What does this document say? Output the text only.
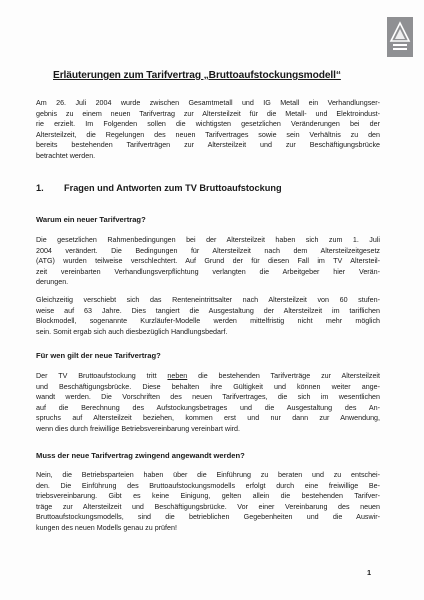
Erläuterungen zum Tarifvertrag „Bruttoaufstockungsmodell“
Am 26. Juli 2004 wurde zwischen Gesamtmetall und IG Metall ein Verhandlungser-
gebnis zu einem neuen Tarifvertrag zur Altersteilzeit für die Metall- und Elektroindust-
rie erzielt. Im Folgenden sollen die wichtigsten gesetzlichen Veränderungen bei der
Altersteilzeit, die Regelungen des neuen Tarifvertrages sowie sein Verhältnis zu den
bereits bestehenden Tarifverträgen zur Altersteilzeit und zur Beschäftigungsbrücke
betrachtet werden.
1. Fragen und Antworten zum TV Bruttoaufstockung
Warum ein neuer Tarifvertrag?
Die gesetzlichen Rahmenbedingungen bei der Altersteilzeit haben sich zum 1. Juli
2004 verändert. Die Bedingungen für Altersteilzeit nach dem Altersteilzeitgesetz
(ATG) wurden teilweise verschlechtert. Auf Grund der für diesen Fall im TV Altersteil-
zeit vereinbarten Verhandlungsverpflichtung verlangten die Arbeitgeber hier Verän-
derungen.
Gleichzeitig verschiebt sich das Renteneintrittsalter nach Altersteilzeit von 60 stufen-
weise auf 63 Jahre. Dies tangiert die Ausgestaltung der Altersteilzeit im tariflichen
Blockmodell, sogenannte Kurzläufer-Modelle werden mittelfristig nicht mehr möglich
sein. Somit ergab sich auch diesbezüglich Handlungsbedarf.
Für wen gilt der neue Tarifvertrag?
Der TV Bruttoaufstockung tritt neben die bestehenden Tarifverträge zur Altersteilzeit
und Beschäftigungsbrücke. Diese behalten ihre Gültigkeit und können weiter ange-
wandt werden. Die Vorschriften des neuen Tarifvertrages, die sich im wesentlichen
auf die Berechnung des Aufstockungsbetrages und die Ausgestaltung des An-
spruchs auf Altersteilzeit beziehen, kommen erst und nur dann zur Anwendung,
wenn dies durch freiwillige Betriebsvereinbarung vereinbart wird.
Muss der neue Tarifvertrag zwingend angewandt werden?
Nein, die Betriebsparteien haben über die Einführung zu beraten und zu entschei-
den. Die Einführung des Bruttoaufstockungsmodells erfolgt durch eine freiwillige Be-
triebsvereinbarung. Gibt es keine Einigung, gelten allein die bestehenden Tarifver-
träge zur Altersteilzeit und Beschäftigungsbrücke. Vor einer Vereinbarung des neuen
Bruttoaufstockungsmodells, sind die betrieblichen Gegebenheiten und die Auswir-
kungen des neuen Modells genau zu prüfen!
1
